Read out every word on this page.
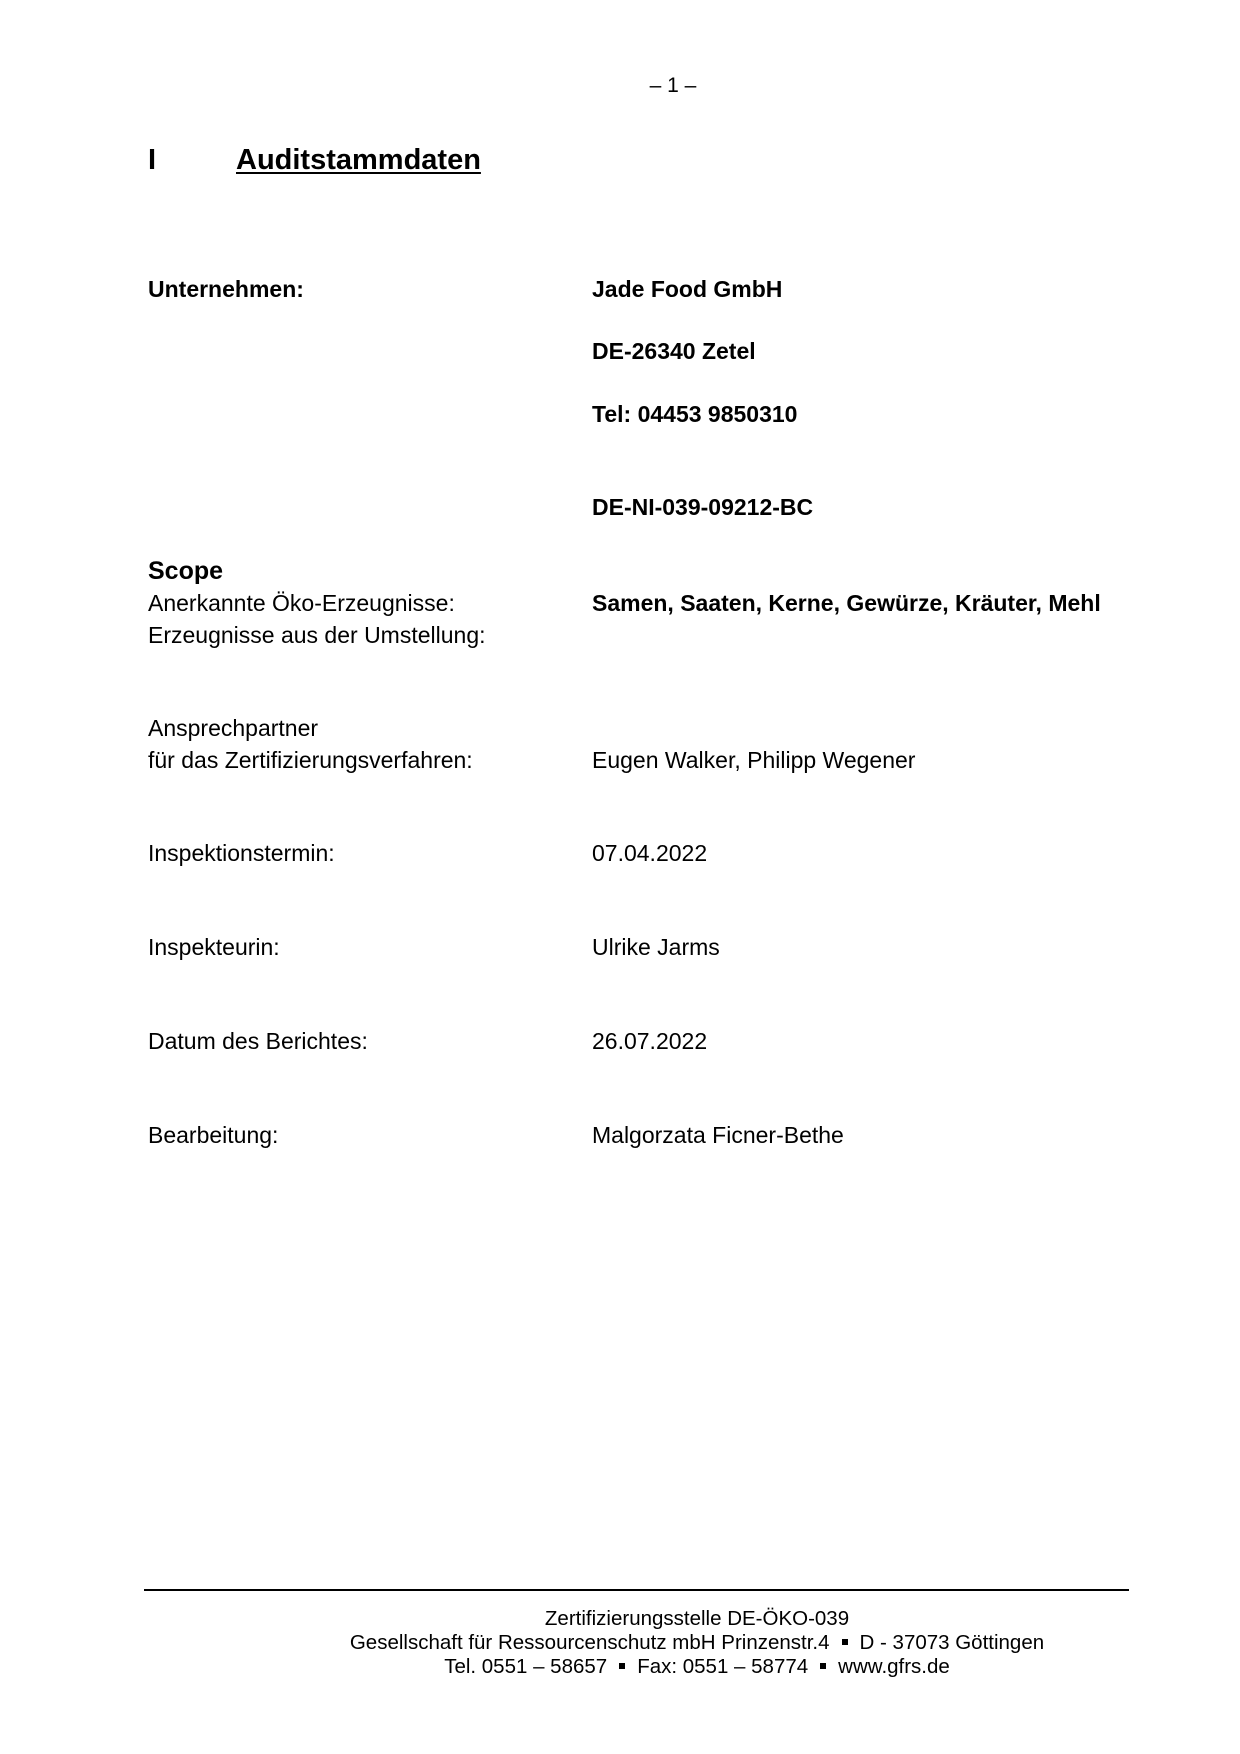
– 1 –
I	Auditstammdaten
Unternehmen:	Jade Food GmbH
DE-26340 Zetel
Tel: 04453 9850310
DE-NI-039-09212-BC
Scope
Anerkannte Öko-Erzeugnisse:	Samen, Saaten, Kerne, Gewürze, Kräuter, Mehl
Erzeugnisse aus der Umstellung:
Ansprechpartner
für das Zertifizierungsverfahren:	Eugen Walker, Philipp Wegener
Inspektionstermin:	07.04.2022
Inspekteurin:	Ulrike Jarms
Datum des Berichtes:	26.07.2022
Bearbeitung:	Malgorzata Ficner-Bethe
Zertifizierungsstelle DE-ÖKO-039
Gesellschaft für Ressourcenschutz mbH Prinzenstr.4 D - 37073 Göttingen
Tel. 0551 – 58657 Fax: 0551 – 58774 www.gfrs.de
